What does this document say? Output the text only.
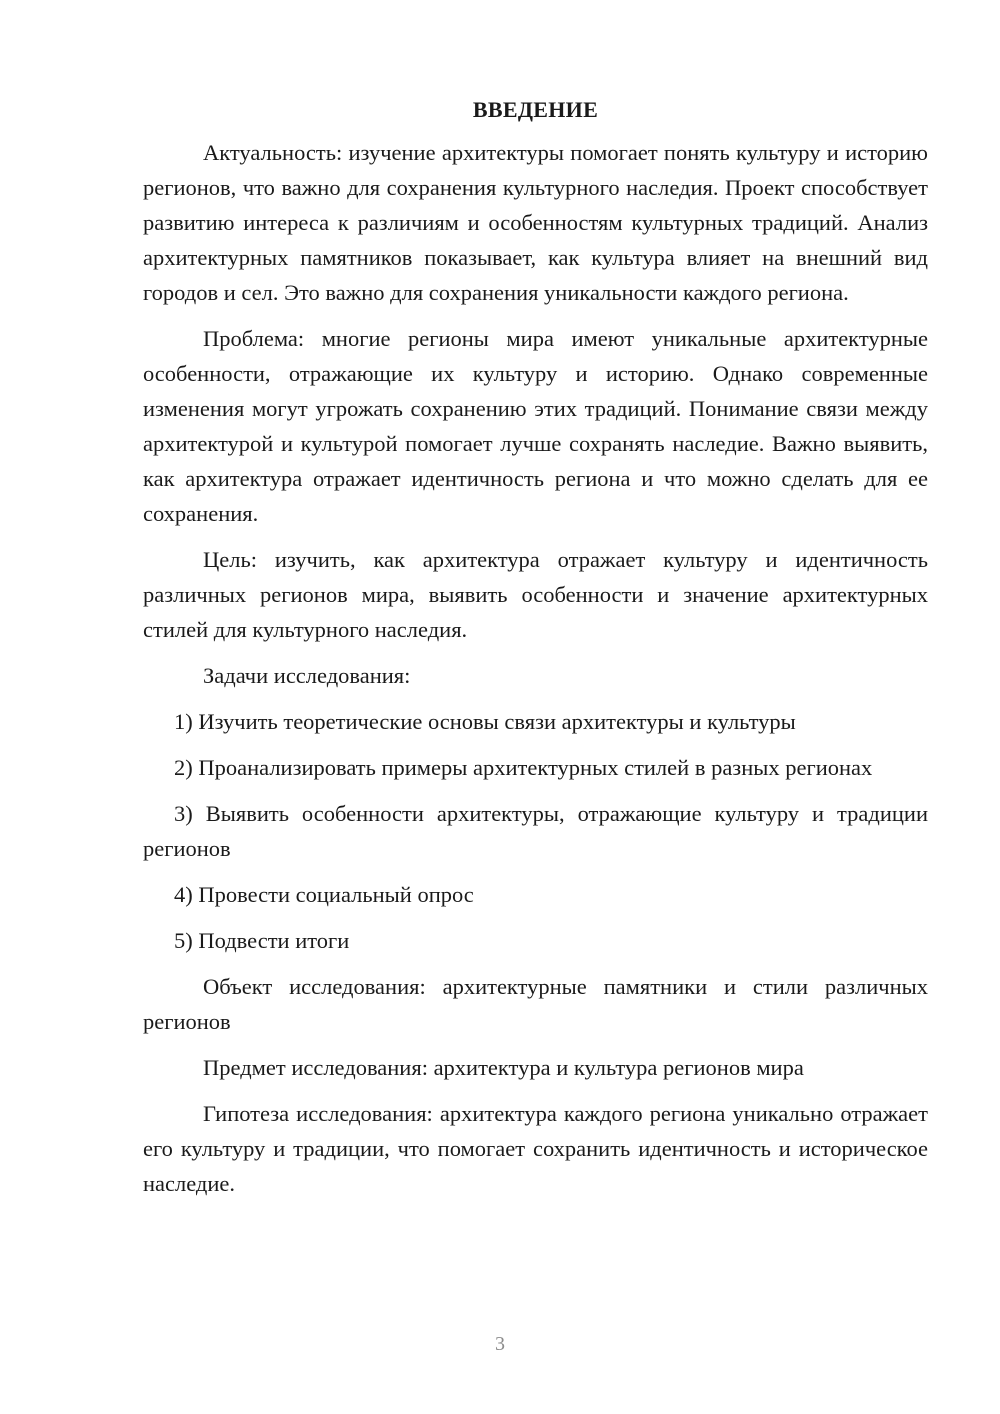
ВВЕДЕНИЕ

Актуальность: изучение архитектуры помогает понять культуру и историю регионов, что важно для сохранения культурного наследия. Проект способствует развитию интереса к различиям и особенностям культурных традиций. Анализ архитектурных памятников показывает, как культура влияет на внешний вид городов и сел. Это важно для сохранения уникальности каждого региона.

Проблема: многие регионы мира имеют уникальные архитектурные особенности, отражающие их культуру и историю. Однако современные изменения могут угрожать сохранению этих традиций. Понимание связи между архитектурой и культурой помогает лучше сохранять наследие. Важно выявить, как архитектура отражает идентичность региона и что можно сделать для ее сохранения.

Цель: изучить, как архитектура отражает культуру и идентичность различных регионов мира, выявить особенности и значение архитектурных стилей для культурного наследия.

Задачи исследования:

1) Изучить теоретические основы связи архитектуры и культуры

2) Проанализировать примеры архитектурных стилей в разных регионах

3) Выявить особенности архитектуры, отражающие культуру и традиции регионов

4) Провести социальный опрос

5) Подвести итоги

Объект исследования: архитектурные памятники и стили различных регионов

Предмет исследования: архитектура и культура регионов мира

Гипотеза исследования: архитектура каждого региона уникально отражает его культуру и традиции, что помогает сохранить идентичность и историческое наследие.

3
